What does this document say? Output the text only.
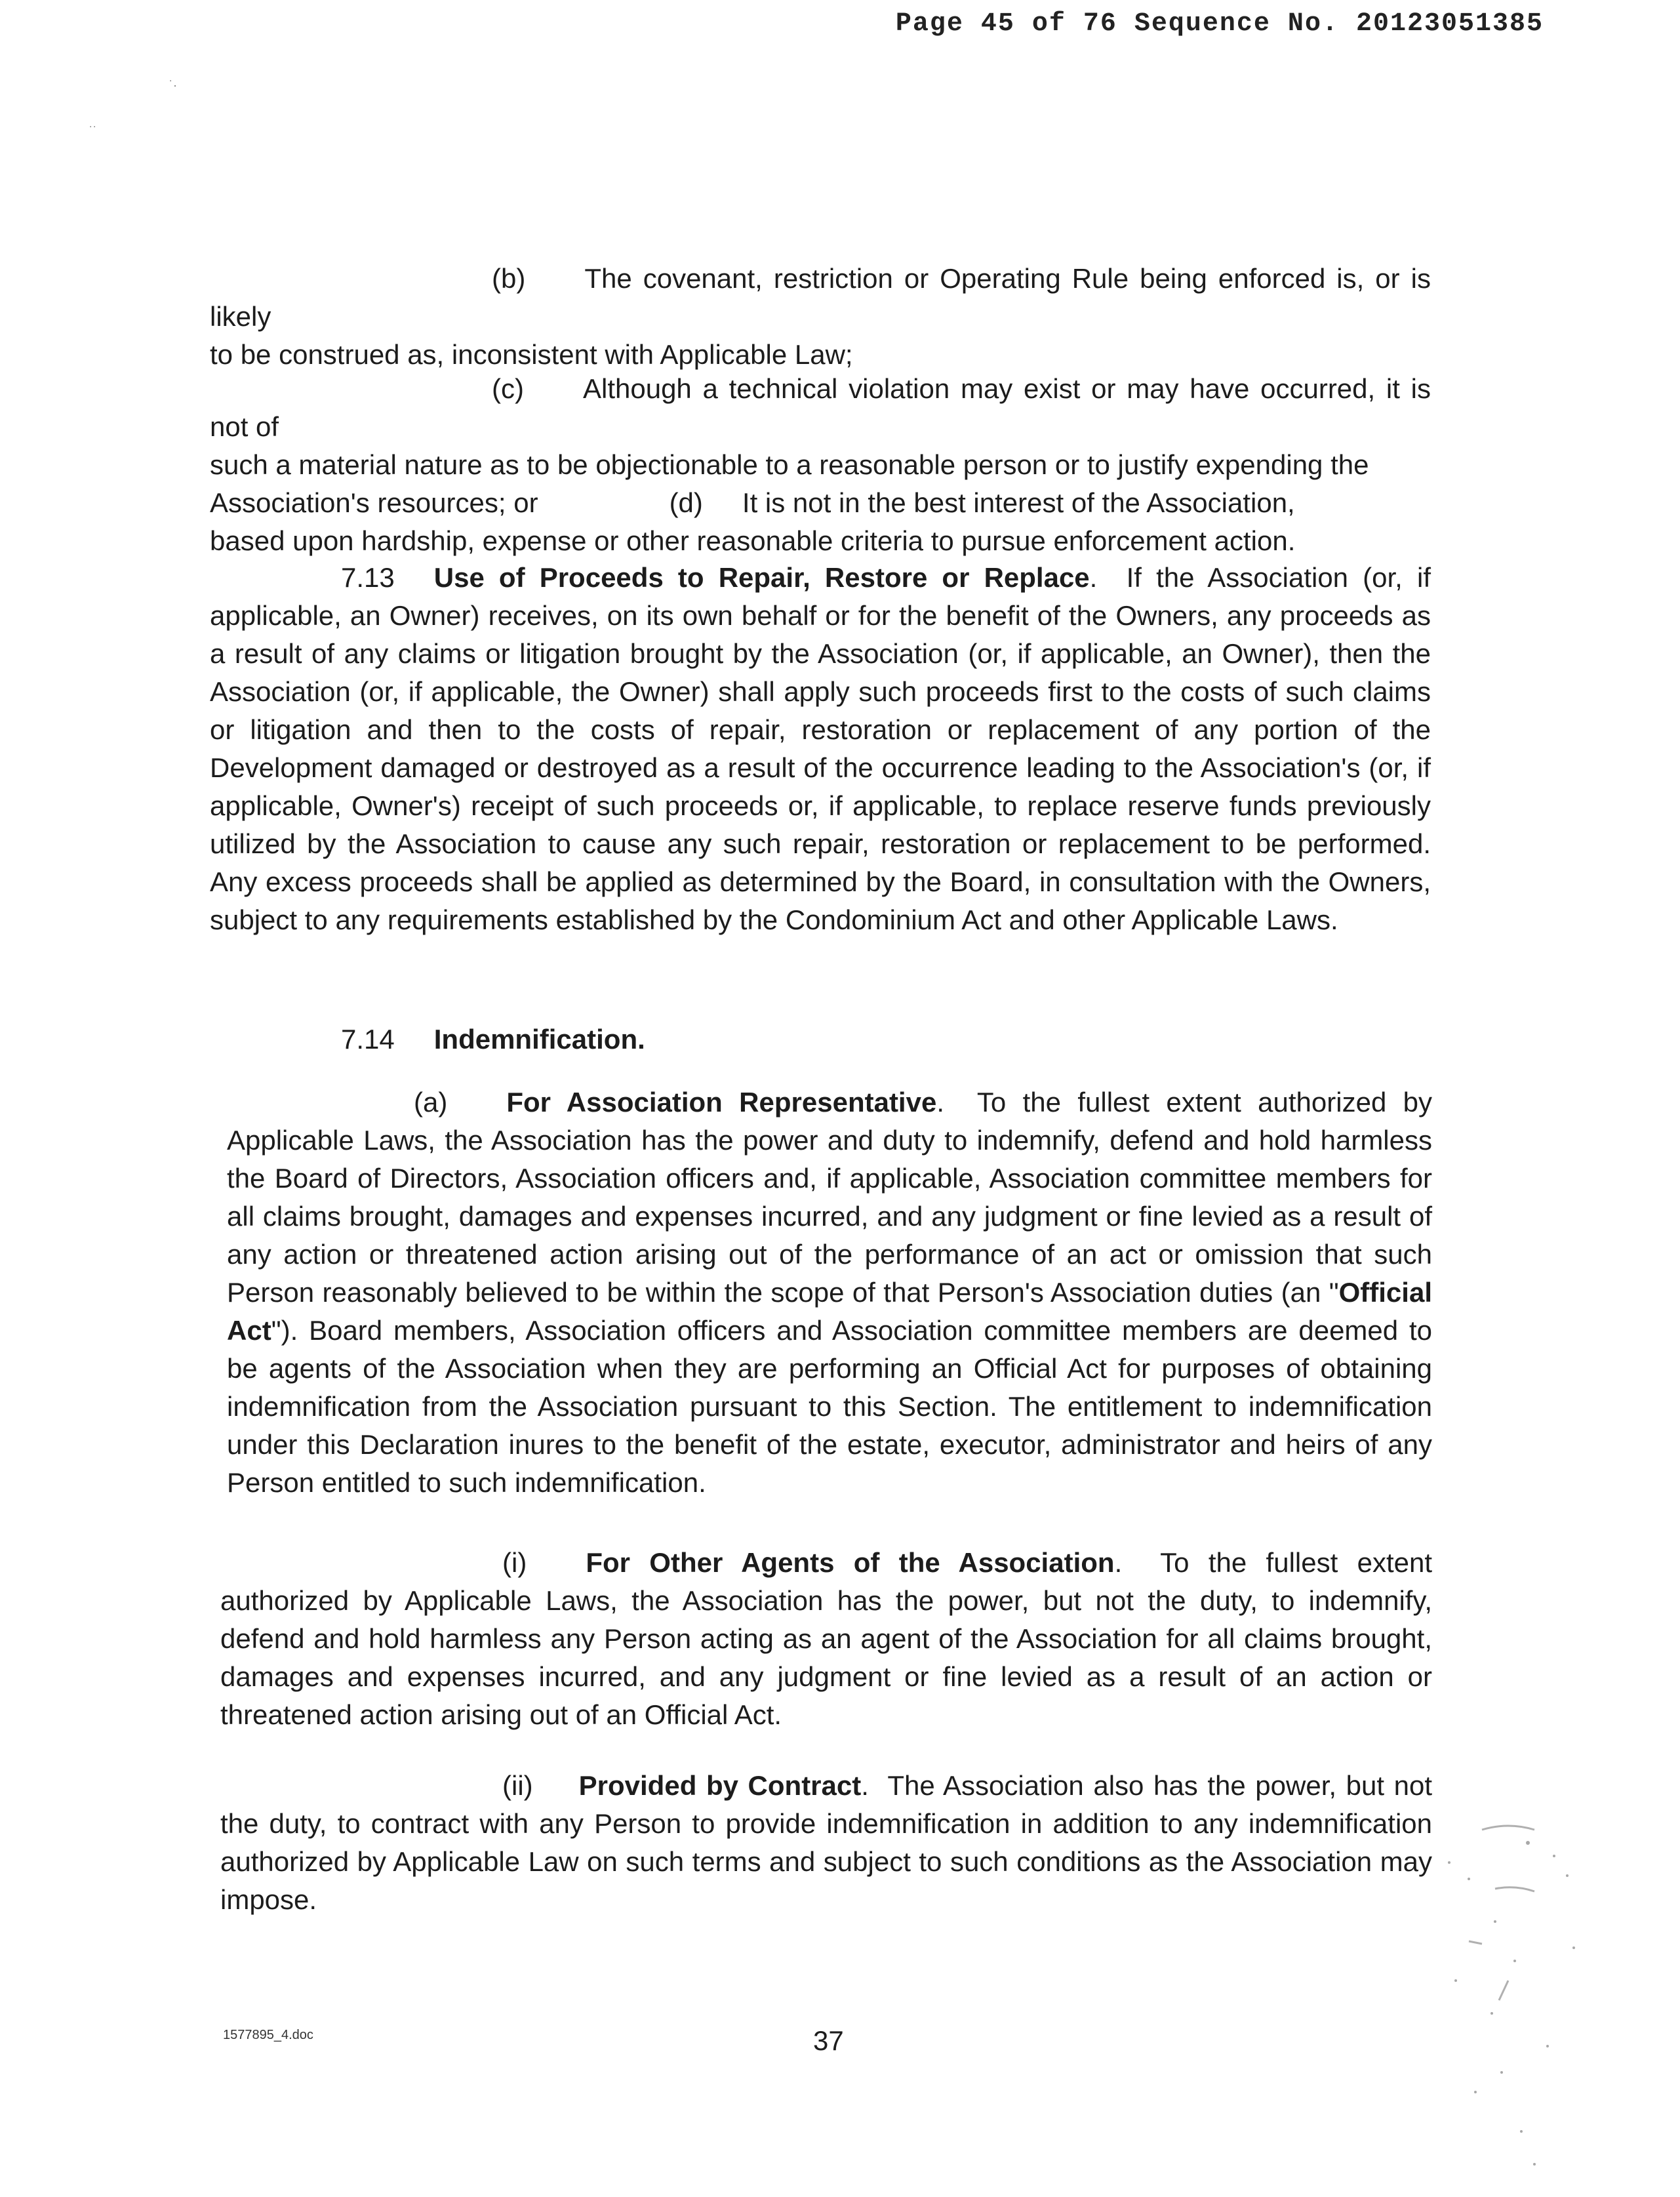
Page 45 of 76 Sequence No. 20123051385
˙·
˙˙

(b) The covenant, restriction or Operating Rule being enforced is, or is likely
to be construed as, inconsistent with Applicable Law;

(c) Although a technical violation may exist or may have occurred, it is not of
such a material nature as to be objectionable to a reasonable person or to justify expending the
Association's resources; or	(d) It is not in the best interest of the Association,
based upon hardship, expense or other reasonable criteria to pursue enforcement action.

7.13 Use of Proceeds to Repair, Restore or Replace.  If the Association (or, if applicable, an Owner) receives, on its own behalf or for the benefit of the Owners, any proceeds as a result of any claims or litigation brought by the Association (or, if applicable, an Owner), then the Association (or, if applicable, the Owner) shall apply such proceeds first to the costs of such claims or litigation and then to the costs of repair, restoration or replacement of any portion of the Development damaged or destroyed as a result of the occurrence leading to the Association's (or, if applicable, Owner's) receipt of such proceeds or, if applicable, to replace reserve funds previously utilized by the Association to cause any such repair, restoration or replacement to be performed. Any excess proceeds shall be applied as determined by the Board, in consultation with the Owners, subject to any requirements established by the Condominium Act and other Applicable Laws.

7.14 Indemnification.

(a) For Association Representative.  To the fullest extent authorized by Applicable Laws, the Association has the power and duty to indemnify, defend and hold harmless the Board of Directors, Association officers and, if applicable, Association committee members for all claims brought, damages and expenses incurred, and any judgment or fine levied as a result of any action or threatened action arising out of the performance of an act or omission that such Person reasonably believed to be within the scope of that Person's Association duties (an "Official Act"). Board members, Association officers and Association committee members are deemed to be agents of the Association when they are performing an Official Act for purposes of obtaining indemnification from the Association pursuant to this Section. The entitlement to indemnification under this Declaration inures to the benefit of the estate, executor, administrator and heirs of any Person entitled to such indemnification.

(i) For Other Agents of the Association.  To the fullest extent authorized by Applicable Laws, the Association has the power, but not the duty, to indemnify, defend and hold harmless any Person acting as an agent of the Association for all claims brought, damages and expenses incurred, and any judgment or fine levied as a result of an action or threatened action arising out of an Official Act.

(ii) Provided by Contract.  The Association also has the power, but not the duty, to contract with any Person to provide indemnification in addition to any indemnification authorized by Applicable Law on such terms and subject to such conditions as the Association may impose.

1577895_4.doc	37
